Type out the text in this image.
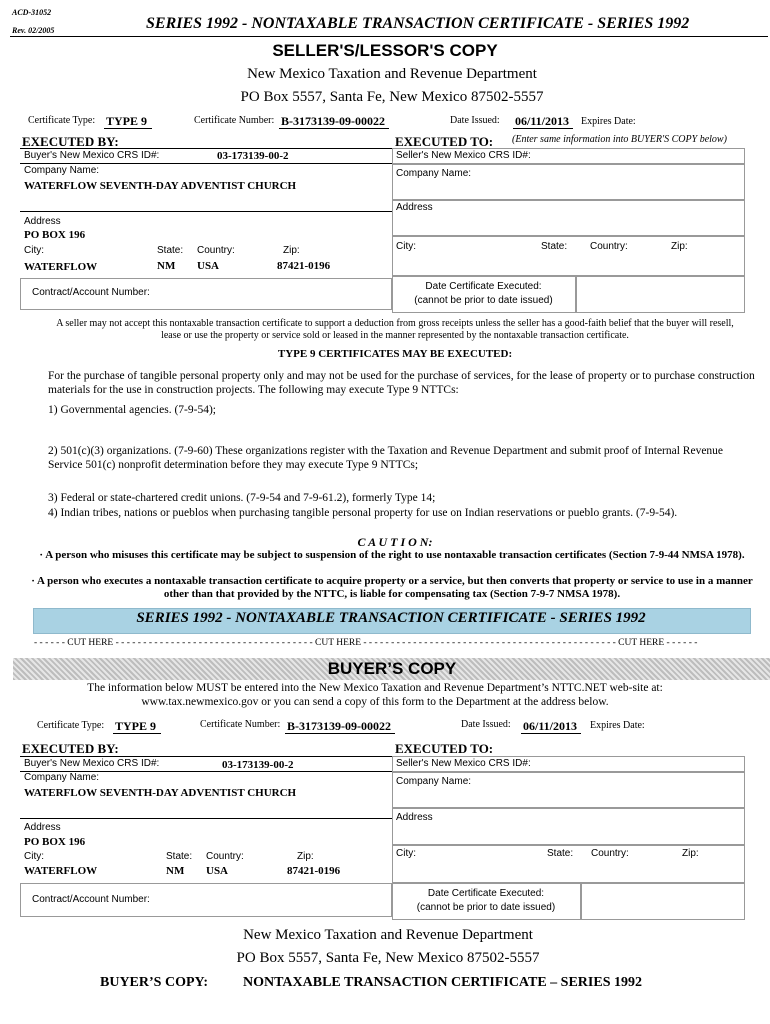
ACD-31052
Rev. 02/2005	SERIES 1992 - NONTAXABLE TRANSACTION CERTIFICATE - SERIES 1992
SELLER'S/LESSOR'S COPY
New Mexico Taxation and Revenue Department
PO Box 5557, Santa Fe, New Mexico 87502-5557
Certificate Type: TYPE 9	Certificate Number: B-3173139-09-00022	Date Issued: 06/11/2013 Expires Date:
EXECUTED BY:
Buyer's New Mexico CRS ID#:	03-173139-00-2
Company Name:
WATERFLOW SEVENTH-DAY ADVENTIST CHURCH
Address
PO BOX 196
City:	State: Country:	Zip:
WATERFLOW	NM USA	87421-0196
Contract/Account Number:
EXECUTED TO: (Enter same information into BUYER'S COPY below)
Seller's New Mexico CRS ID#:
Company Name:
Address
City:	State: Country:	Zip:
Date Certificate Executed:
(cannot be prior to date issued)
A seller may not accept this nontaxable transaction certificate to support a deduction from gross receipts unless the seller has a good-faith belief that the buyer will resell,
lease or use the property or service sold or leased in the manner represented by the nontaxable transaction certificate.
TYPE 9 CERTIFICATES MAY BE EXECUTED:
For the purchase of tangible personal property only and may not be used for the purchase of services, for the lease of property or to purchase construction materials for the use in construction projects. The following may execute Type 9 NTTCs:
1) Governmental agencies. (7-9-54);
2) 501(c)(3) organizations. (7-9-60) These organizations register with the Taxation and Revenue Department and submit proof of Internal Revenue Service 501(c) nonprofit determination before they may execute Type 9 NTTCs;
3) Federal or state-chartered credit unions. (7-9-54 and 7-9-61.2), formerly Type 14;
4) Indian tribes, nations or pueblos when purchasing tangible personal property for use on Indian reservations or pueblo grants. (7-9-54).
C A U T I O N:
· A person who misuses this certificate may be subject to suspension of the right to use nontaxable transaction certificates (Section 7-9-44 NMSA 1978).
· A person who executes a nontaxable transaction certificate to acquire property or a service, but then converts that property or service to use in a manner
other than that provided by the NTTC, is liable for compensating tax (Section 7-9-7 NMSA 1978).
SERIES 1992 - NONTAXABLE TRANSACTION CERTIFICATE - SERIES 1992
- - - - - - CUT HERE - - - - - - - - - - - - - - - - - - - - - - - - - - - - - - - - - - - - CUT HERE - - - - - - - - - - - - - - - - - - - - - - - - - - - - - - - - - - - - - - - - - - - - - - CUT HERE - - - - - -
BUYER’S COPY
The information below MUST be entered into the New Mexico Taxation and Revenue Department’s NTTC.NET web-site at:
www.tax.newmexico.gov or you can send a copy of this form to the Department at the address below.
Certificate Type: TYPE 9	Certificate Number: B-3173139-09-00022	Date Issued: 06/11/2013 Expires Date:
EXECUTED BY:
Buyer's New Mexico CRS ID#:	03-173139-00-2
Company Name:
WATERFLOW SEVENTH-DAY ADVENTIST CHURCH
Address
PO BOX 196
City:	State: Country:	Zip:
WATERFLOW	NM USA	87421-0196
Contract/Account Number:
EXECUTED TO:
Seller's New Mexico CRS ID#:
Company Name:
Address
City:	State: Country:	Zip:
Date Certificate Executed:
(cannot be prior to date issued)
New Mexico Taxation and Revenue Department
PO Box 5557, Santa Fe, New Mexico 87502-5557
BUYER’S COPY:	NONTAXABLE TRANSACTION CERTIFICATE – SERIES 1992
